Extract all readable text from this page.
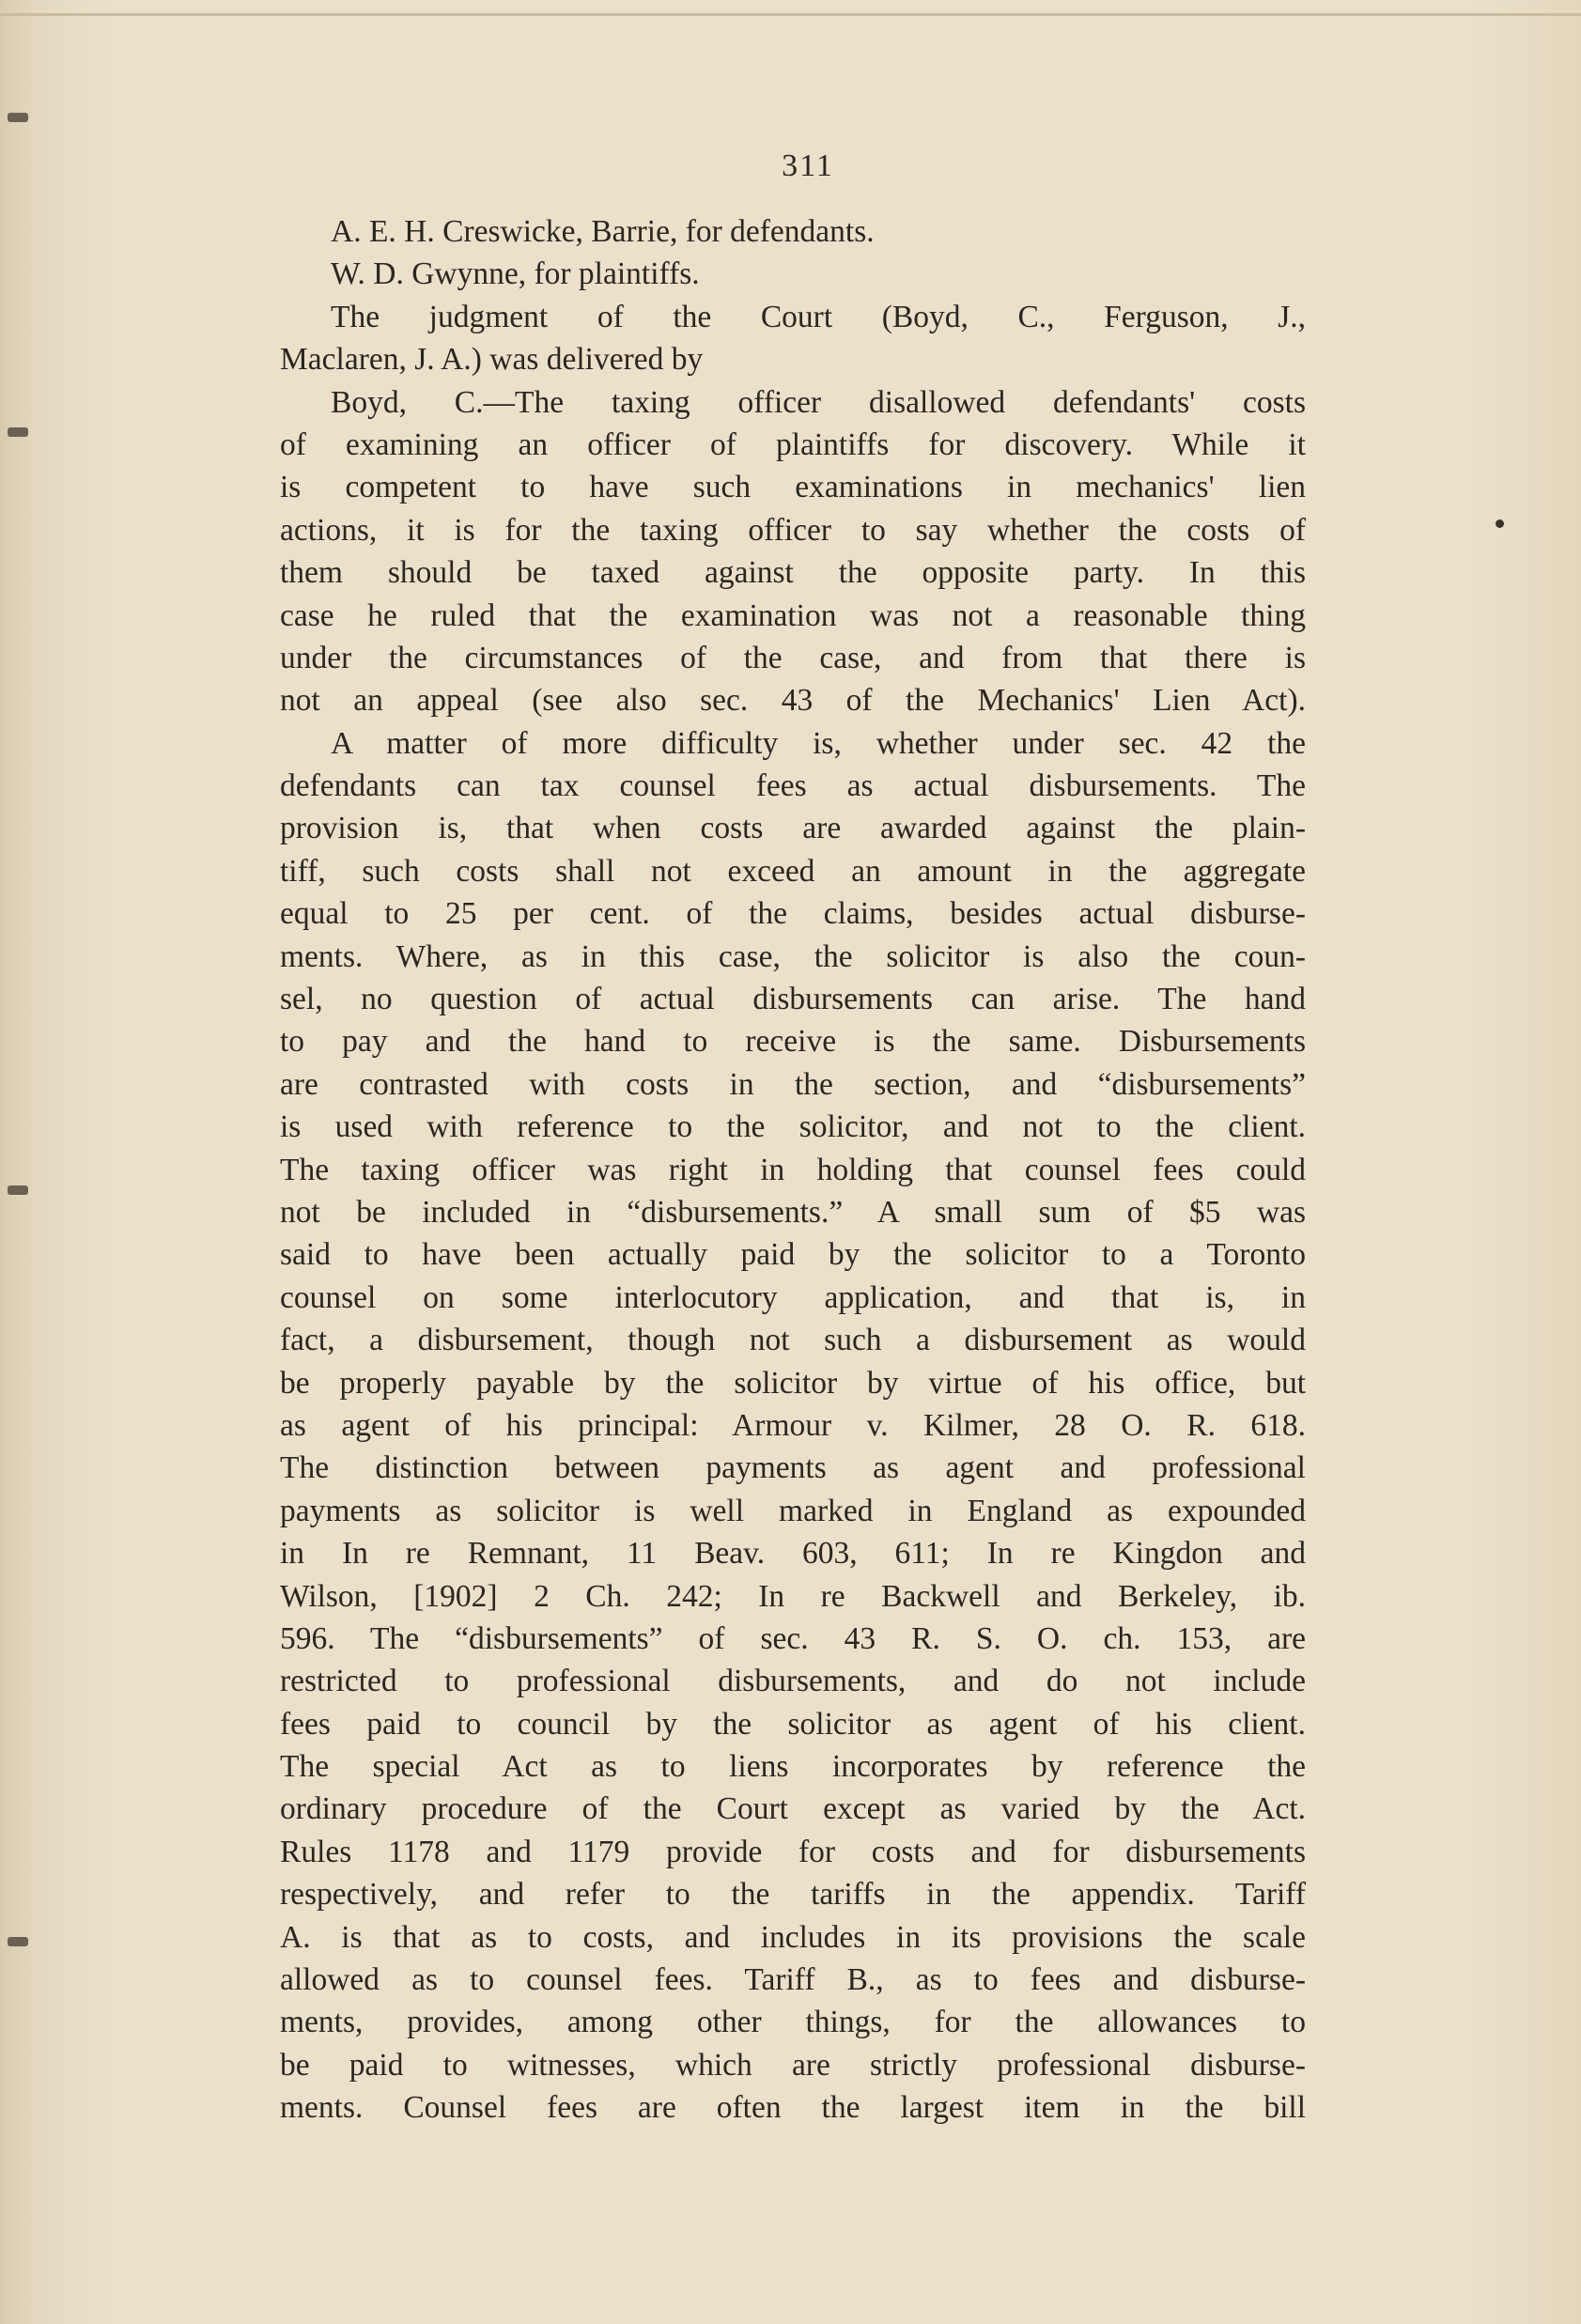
311
A. E. H. Creswicke, Barrie, for defendants.
W. D. Gwynne, for plaintiffs.
The judgment of the Court (Boyd, C., Ferguson, J.,
Maclaren, J. A.) was delivered by
Boyd, C.—The taxing officer disallowed defendants' costs
of examining an officer of plaintiffs for discovery. While it
is competent to have such examinations in mechanics' lien
actions, it is for the taxing officer to say whether the costs of
them should be taxed against the opposite party. In this
case he ruled that the examination was not a reasonable thing
under the circumstances of the case, and from that there is
not an appeal (see also sec. 43 of the Mechanics' Lien Act).
A matter of more difficulty is, whether under sec. 42 the
defendants can tax counsel fees as actual disbursements. The
provision is, that when costs are awarded against the plain-
tiff, such costs shall not exceed an amount in the aggregate
equal to 25 per cent. of the claims, besides actual disburse-
ments. Where, as in this case, the solicitor is also the coun-
sel, no question of actual disbursements can arise. The hand
to pay and the hand to receive is the same. Disbursements
are contrasted with costs in the section, and “disbursements”
is used with reference to the solicitor, and not to the client.
The taxing officer was right in holding that counsel fees could
not be included in “disbursements.” A small sum of $5 was
said to have been actually paid by the solicitor to a Toronto
counsel on some interlocutory application, and that is, in
fact, a disbursement, though not such a disbursement as would
be properly payable by the solicitor by virtue of his office, but
as agent of his principal: Armour v. Kilmer, 28 O. R. 618.
The distinction between payments as agent and professional
payments as solicitor is well marked in England as expounded
in In re Remnant, 11 Beav. 603, 611; In re Kingdon and
Wilson, [1902] 2 Ch. 242; In re Backwell and Berkeley, ib.
596. The “disbursements” of sec. 43 R. S. O. ch. 153, are
restricted to professional disbursements, and do not include
fees paid to council by the solicitor as agent of his client.
The special Act as to liens incorporates by reference the
ordinary procedure of the Court except as varied by the Act.
Rules 1178 and 1179 provide for costs and for disbursements
respectively, and refer to the tariffs in the appendix. Tariff
A. is that as to costs, and includes in its provisions the scale
allowed as to counsel fees. Tariff B., as to fees and disburse-
ments, provides, among other things, for the allowances to
be paid to witnesses, which are strictly professional disburse-
ments. Counsel fees are often the largest item in the bill
